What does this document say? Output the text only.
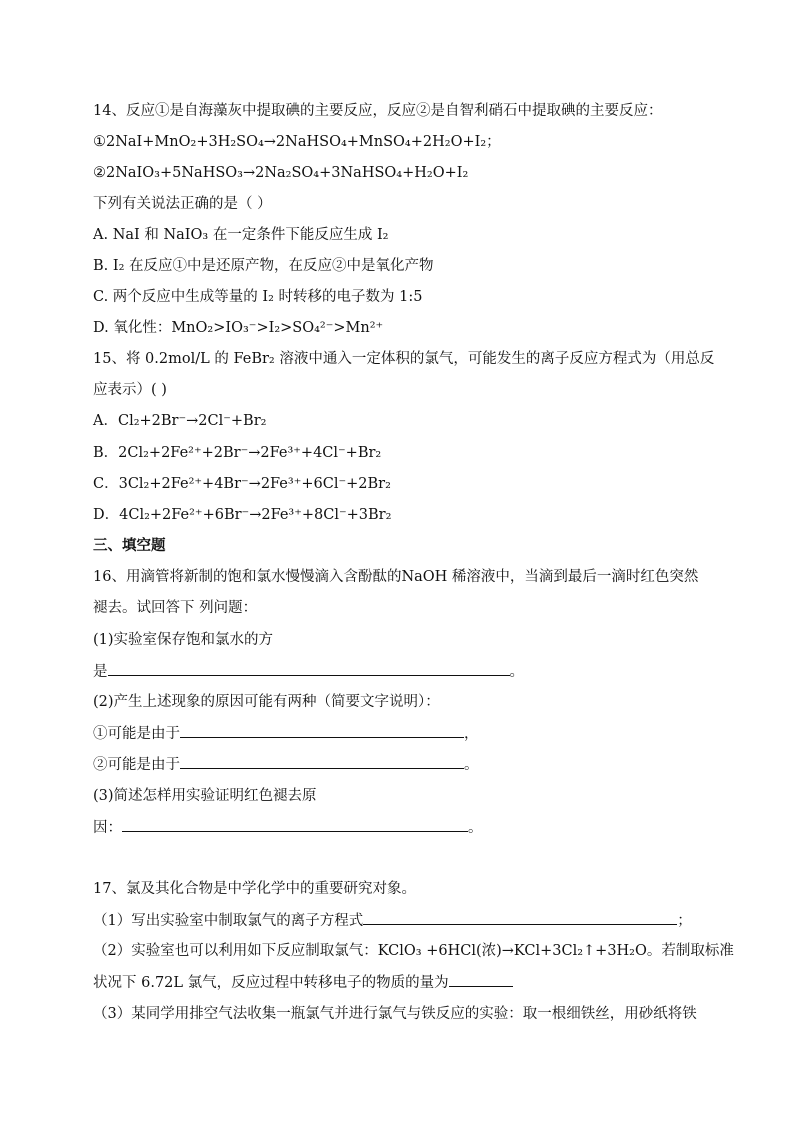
14、反应①是自海藻灰中提取碘的主要反应，反应②是自智利硝石中提取碘的主要反应：
①2NaI+MnO₂+3H₂SO₄→2NaHSO₄+MnSO₄+2H₂O+I₂；
②2NaIO₃+5NaHSO₃→2Na₂SO₄+3NaHSO₄+H₂O+I₂
下列有关说法正确的是（ ）
A. NaI 和 NaIO₃ 在一定条件下能反应生成 I₂
B. I₂ 在反应①中是还原产物，在反应②中是氧化产物
C. 两个反应中生成等量的 I₂ 时转移的电子数为 1:5
D. 氧化性：MnO₂>IO₃⁻>I₂>SO₄²⁻>Mn²⁺
15、将 0.2mol/L 的 FeBr₂ 溶液中通入一定体积的氯气，可能发生的离子反应方程式为（用总反
应表示）( )
A．Cl₂+2Br⁻→2Cl⁻+Br₂
B．2Cl₂+2Fe²⁺+2Br⁻→2Fe³⁺+4Cl⁻+Br₂
C．3Cl₂+2Fe²⁺+4Br⁻→2Fe³⁺+6Cl⁻+2Br₂
D．4Cl₂+2Fe²⁺+6Br⁻→2Fe³⁺+8Cl⁻+3Br₂
三、填空题
16、用滴管将新制的饱和氯水慢慢滴入含酚酞的NaOH 稀溶液中，当滴到最后一滴时红色突然
褪去。试回答下 列问题：
(1)实验室保存饱和氯水的方
是	。
(2)产生上述现象的原因可能有两种（简要文字说明）：
①可能是由于	，
②可能是由于	。
(3)简述怎样用实验证明红色褪去原
因：	。
17、氯及其化合物是中学化学中的重要研究对象。
（1）写出实验室中制取氯气的离子方程式	；
（2）实验室也可以利用如下反应制取氯气：KClO₃ +6HCl(浓)→KCl+3Cl₂↑+3H₂O。若制取标准
状况下 6.72L 氯气，反应过程中转移电子的物质的量为
（3）某同学用排空气法收集一瓶氯气并进行氯气与铁反应的实验：取一根细铁丝，用砂纸将铁
